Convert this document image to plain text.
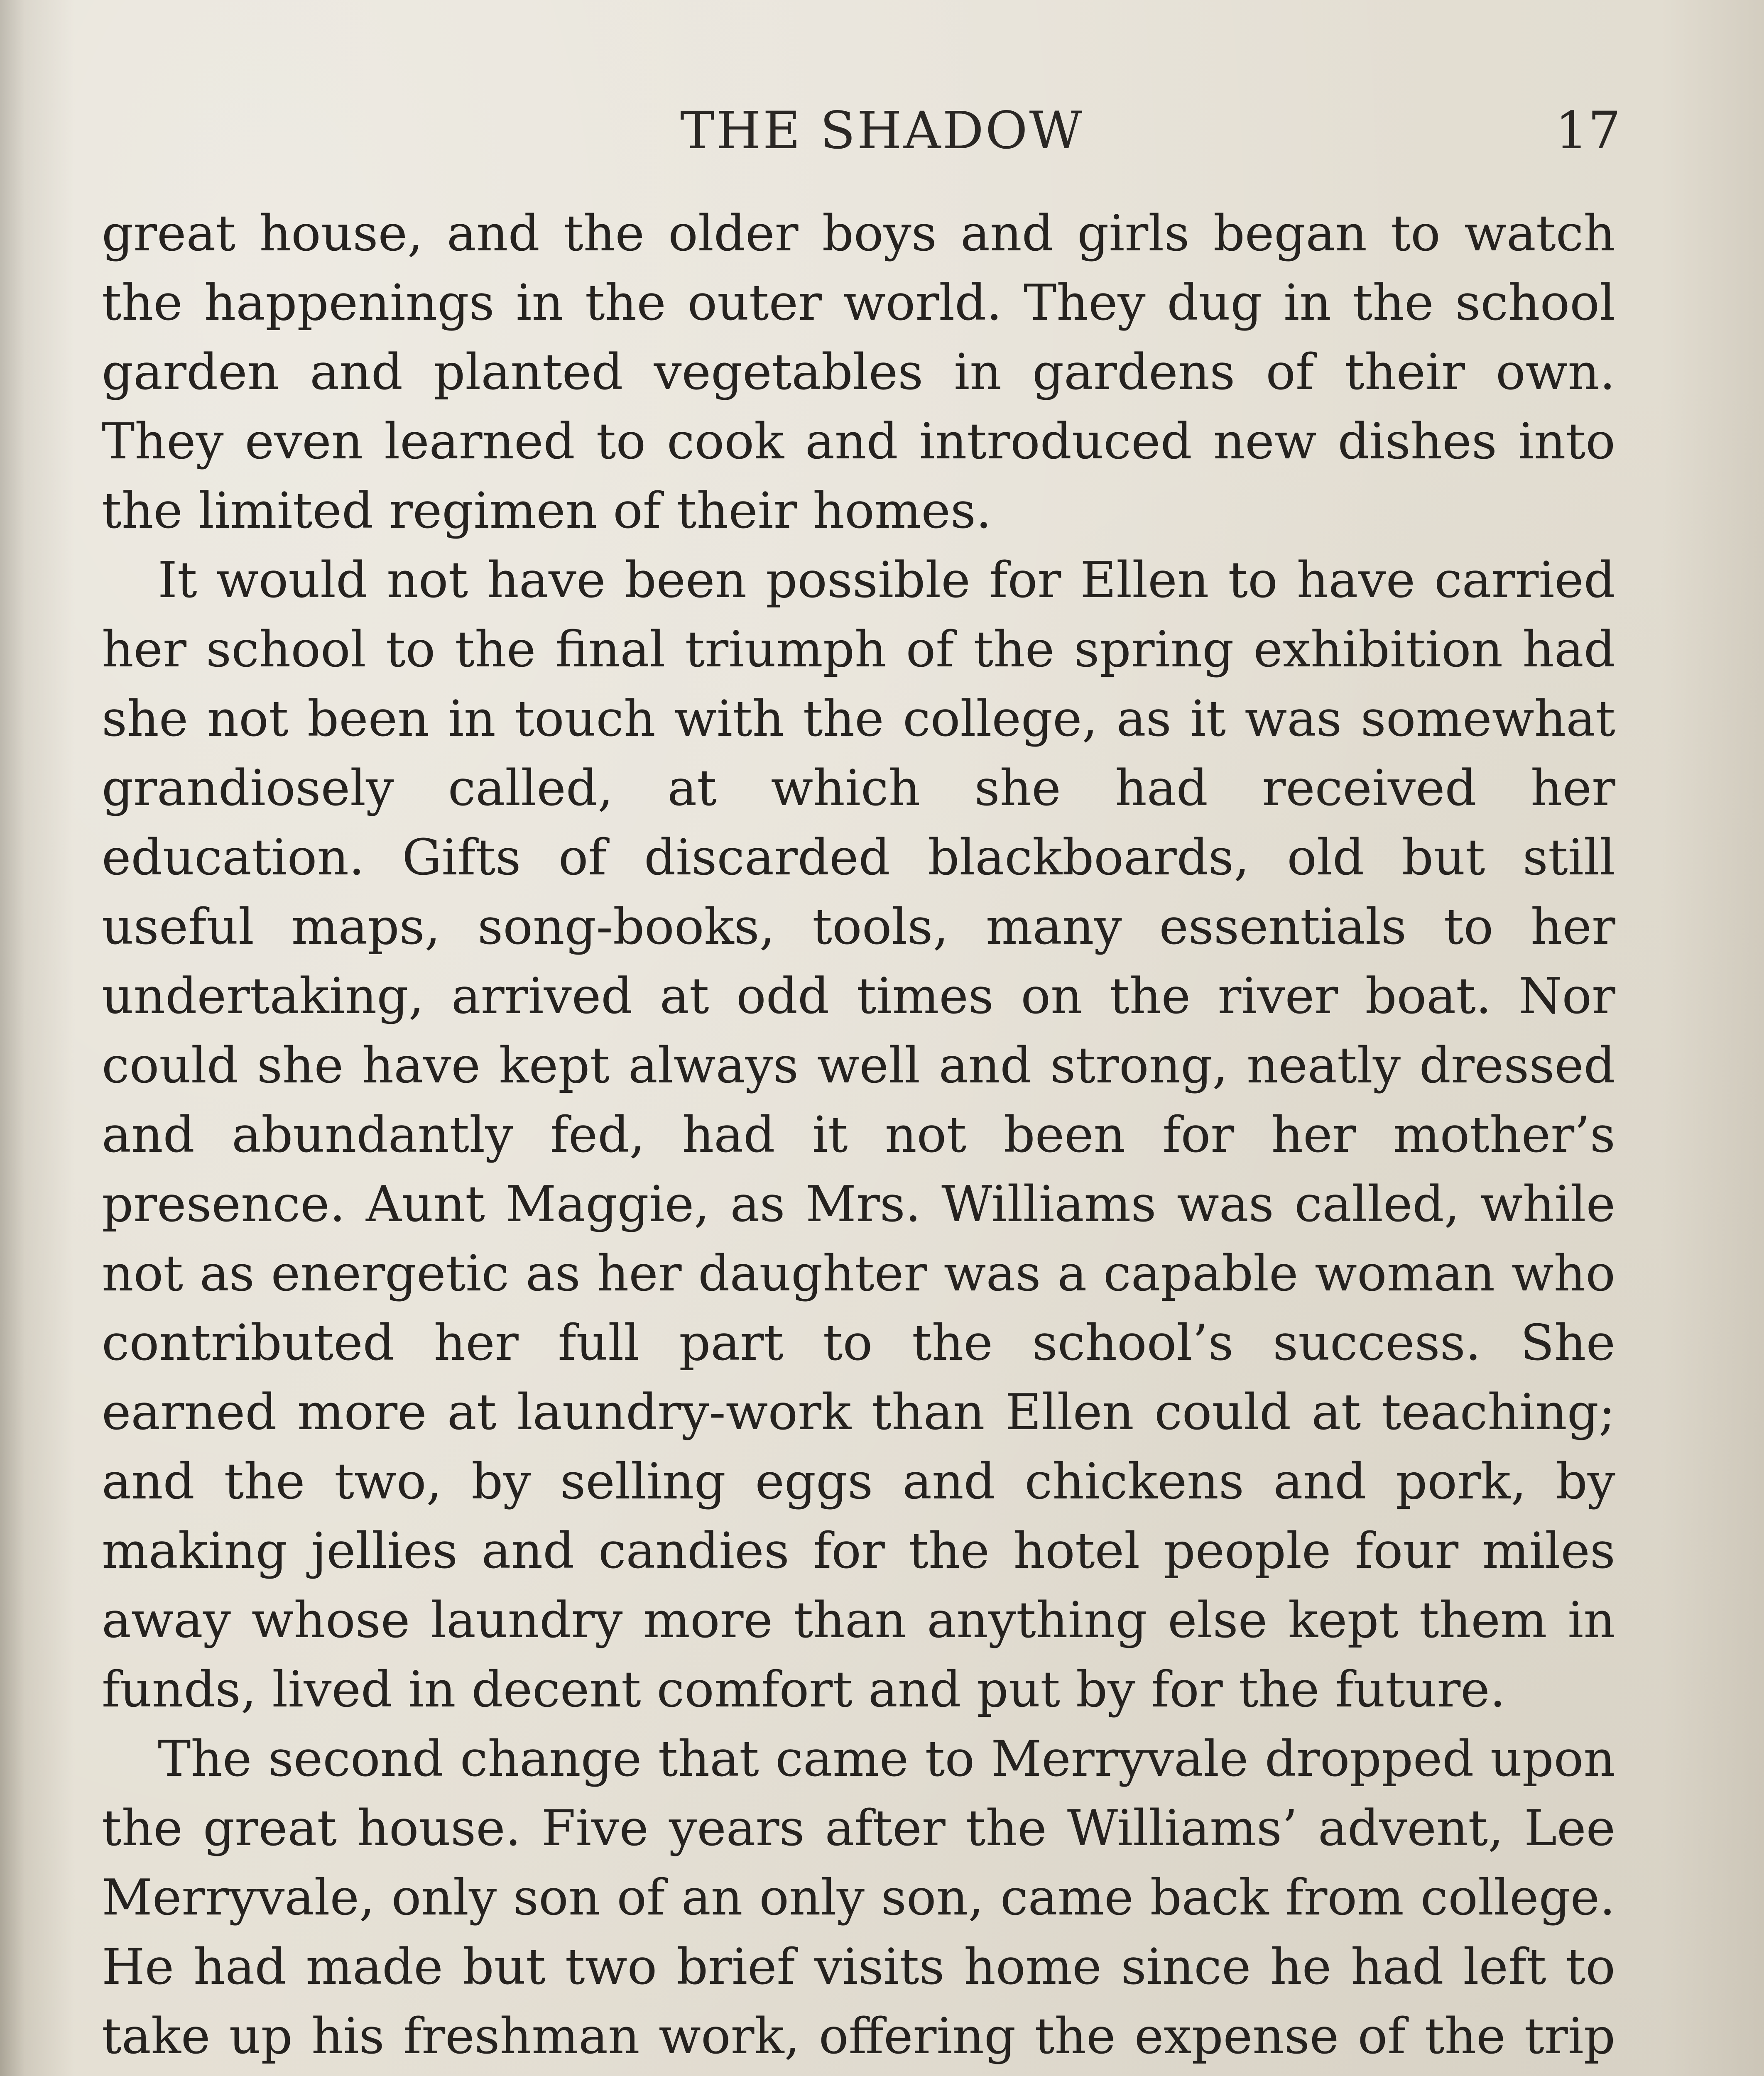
THE SHADOW	17

great house, and the older boys and girls began to watch the happenings in the outer world. They dug in the school garden and planted vegetables in gardens of their own. They even learned to cook and introduced new dishes into the limited regimen of their homes.

It would not have been possible for Ellen to have carried her school to the final triumph of the spring exhibition had she not been in touch with the college, as it was somewhat grandiosely called, at which she had received her education. Gifts of discarded blackboards, old but still useful maps, song-books, tools, many essentials to her undertaking, arrived at odd times on the river boat. Nor could she have kept always well and strong, neatly dressed and abundantly fed, had it not been for her mother’s presence. Aunt Maggie, as Mrs. Williams was called, while not as energetic as her daughter was a capable woman who contributed her full part to the school’s success. She earned more at laundry-work than Ellen could at teaching; and the two, by selling eggs and chickens and pork, by making jellies and candies for the hotel people four miles away whose laundry more than anything else kept them in funds, lived in decent comfort and put by for the future.

The second change that came to Merryvale dropped upon the great house. Five years after the Williams’ advent, Lee Merryvale, only son of an only son, came back from college. He had made but two brief visits home since he had left to take up his freshman work, offering the expense of the trip
